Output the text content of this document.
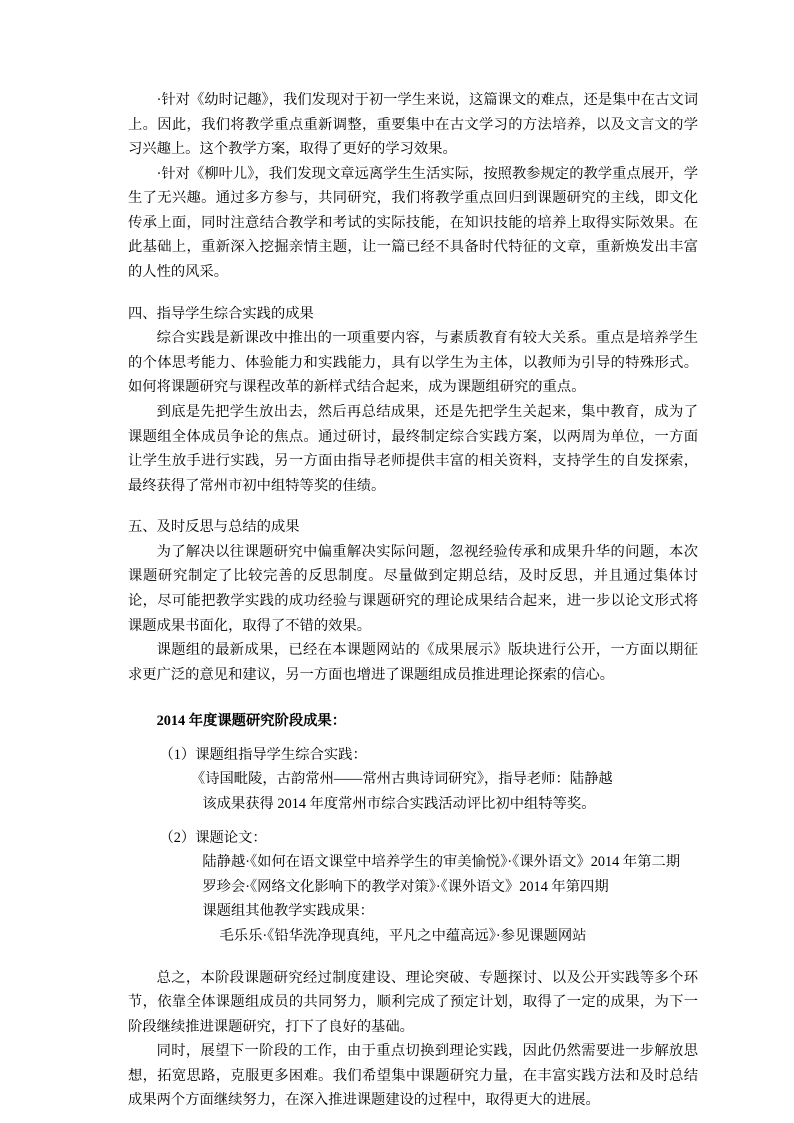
·针对《幼时记趣》，我们发现对于初一学生来说，这篇课文的难点，还是集中在古文词上。因此，我们将教学重点重新调整，重要集中在古文学习的方法培养，以及文言文的学习兴趣上。这个教学方案，取得了更好的学习效果。

·针对《柳叶儿》，我们发现文章远离学生生活实际，按照教参规定的教学重点展开，学生了无兴趣。通过多方参与，共同研究，我们将教学重点回归到课题研究的主线，即文化传承上面，同时注意结合教学和考试的实际技能，在知识技能的培养上取得实际效果。在此基础上，重新深入挖掘亲情主题，让一篇已经不具备时代特征的文章，重新焕发出丰富的人性的风采。

四、指导学生综合实践的成果

综合实践是新课改中推出的一项重要内容，与素质教育有较大关系。重点是培养学生的个体思考能力、体验能力和实践能力，具有以学生为主体，以教师为引导的特殊形式。如何将课题研究与课程改革的新样式结合起来，成为课题组研究的重点。

到底是先把学生放出去，然后再总结成果，还是先把学生关起来，集中教育，成为了课题组全体成员争论的焦点。通过研讨，最终制定综合实践方案，以两周为单位，一方面让学生放手进行实践，另一方面由指导老师提供丰富的相关资料，支持学生的自发探索，最终获得了常州市初中组特等奖的佳绩。

五、及时反思与总结的成果

为了解决以往课题研究中偏重解决实际问题，忽视经验传承和成果升华的问题，本次课题研究制定了比较完善的反思制度。尽量做到定期总结，及时反思，并且通过集体讨论，尽可能把教学实践的成功经验与课题研究的理论成果结合起来，进一步以论文形式将课题成果书面化，取得了不错的效果。

课题组的最新成果，已经在本课题网站的《成果展示》版块进行公开，一方面以期征求更广泛的意见和建议，另一方面也增进了课题组成员推进理论探索的信心。

2014 年度课题研究阶段成果：

（1）课题组指导学生综合实践：

《诗国毗陵，古韵常州——常州古典诗词研究》，指导老师：陆静越

该成果获得 2014 年度常州市综合实践活动评比初中组特等奖。

（2）课题论文：

陆静越·《如何在语文课堂中培养学生的审美愉悦》·《课外语文》2014 年第二期

罗珍会·《网络文化影响下的教学对策》·《课外语文》2014 年第四期

课题组其他教学实践成果：

毛乐乐·《铅华洗净现真纯，平凡之中蕴高远》·参见课题网站

总之，本阶段课题研究经过制度建设、理论突破、专题探讨、以及公开实践等多个环节，依靠全体课题组成员的共同努力，顺利完成了预定计划，取得了一定的成果，为下一阶段继续推进课题研究，打下了良好的基础。

同时，展望下一阶段的工作，由于重点切换到理论实践，因此仍然需要进一步解放思想，拓宽思路，克服更多困难。我们希望集中课题研究力量，在丰富实践方法和及时总结成果两个方面继续努力，在深入推进课题建设的过程中，取得更大的进展。
